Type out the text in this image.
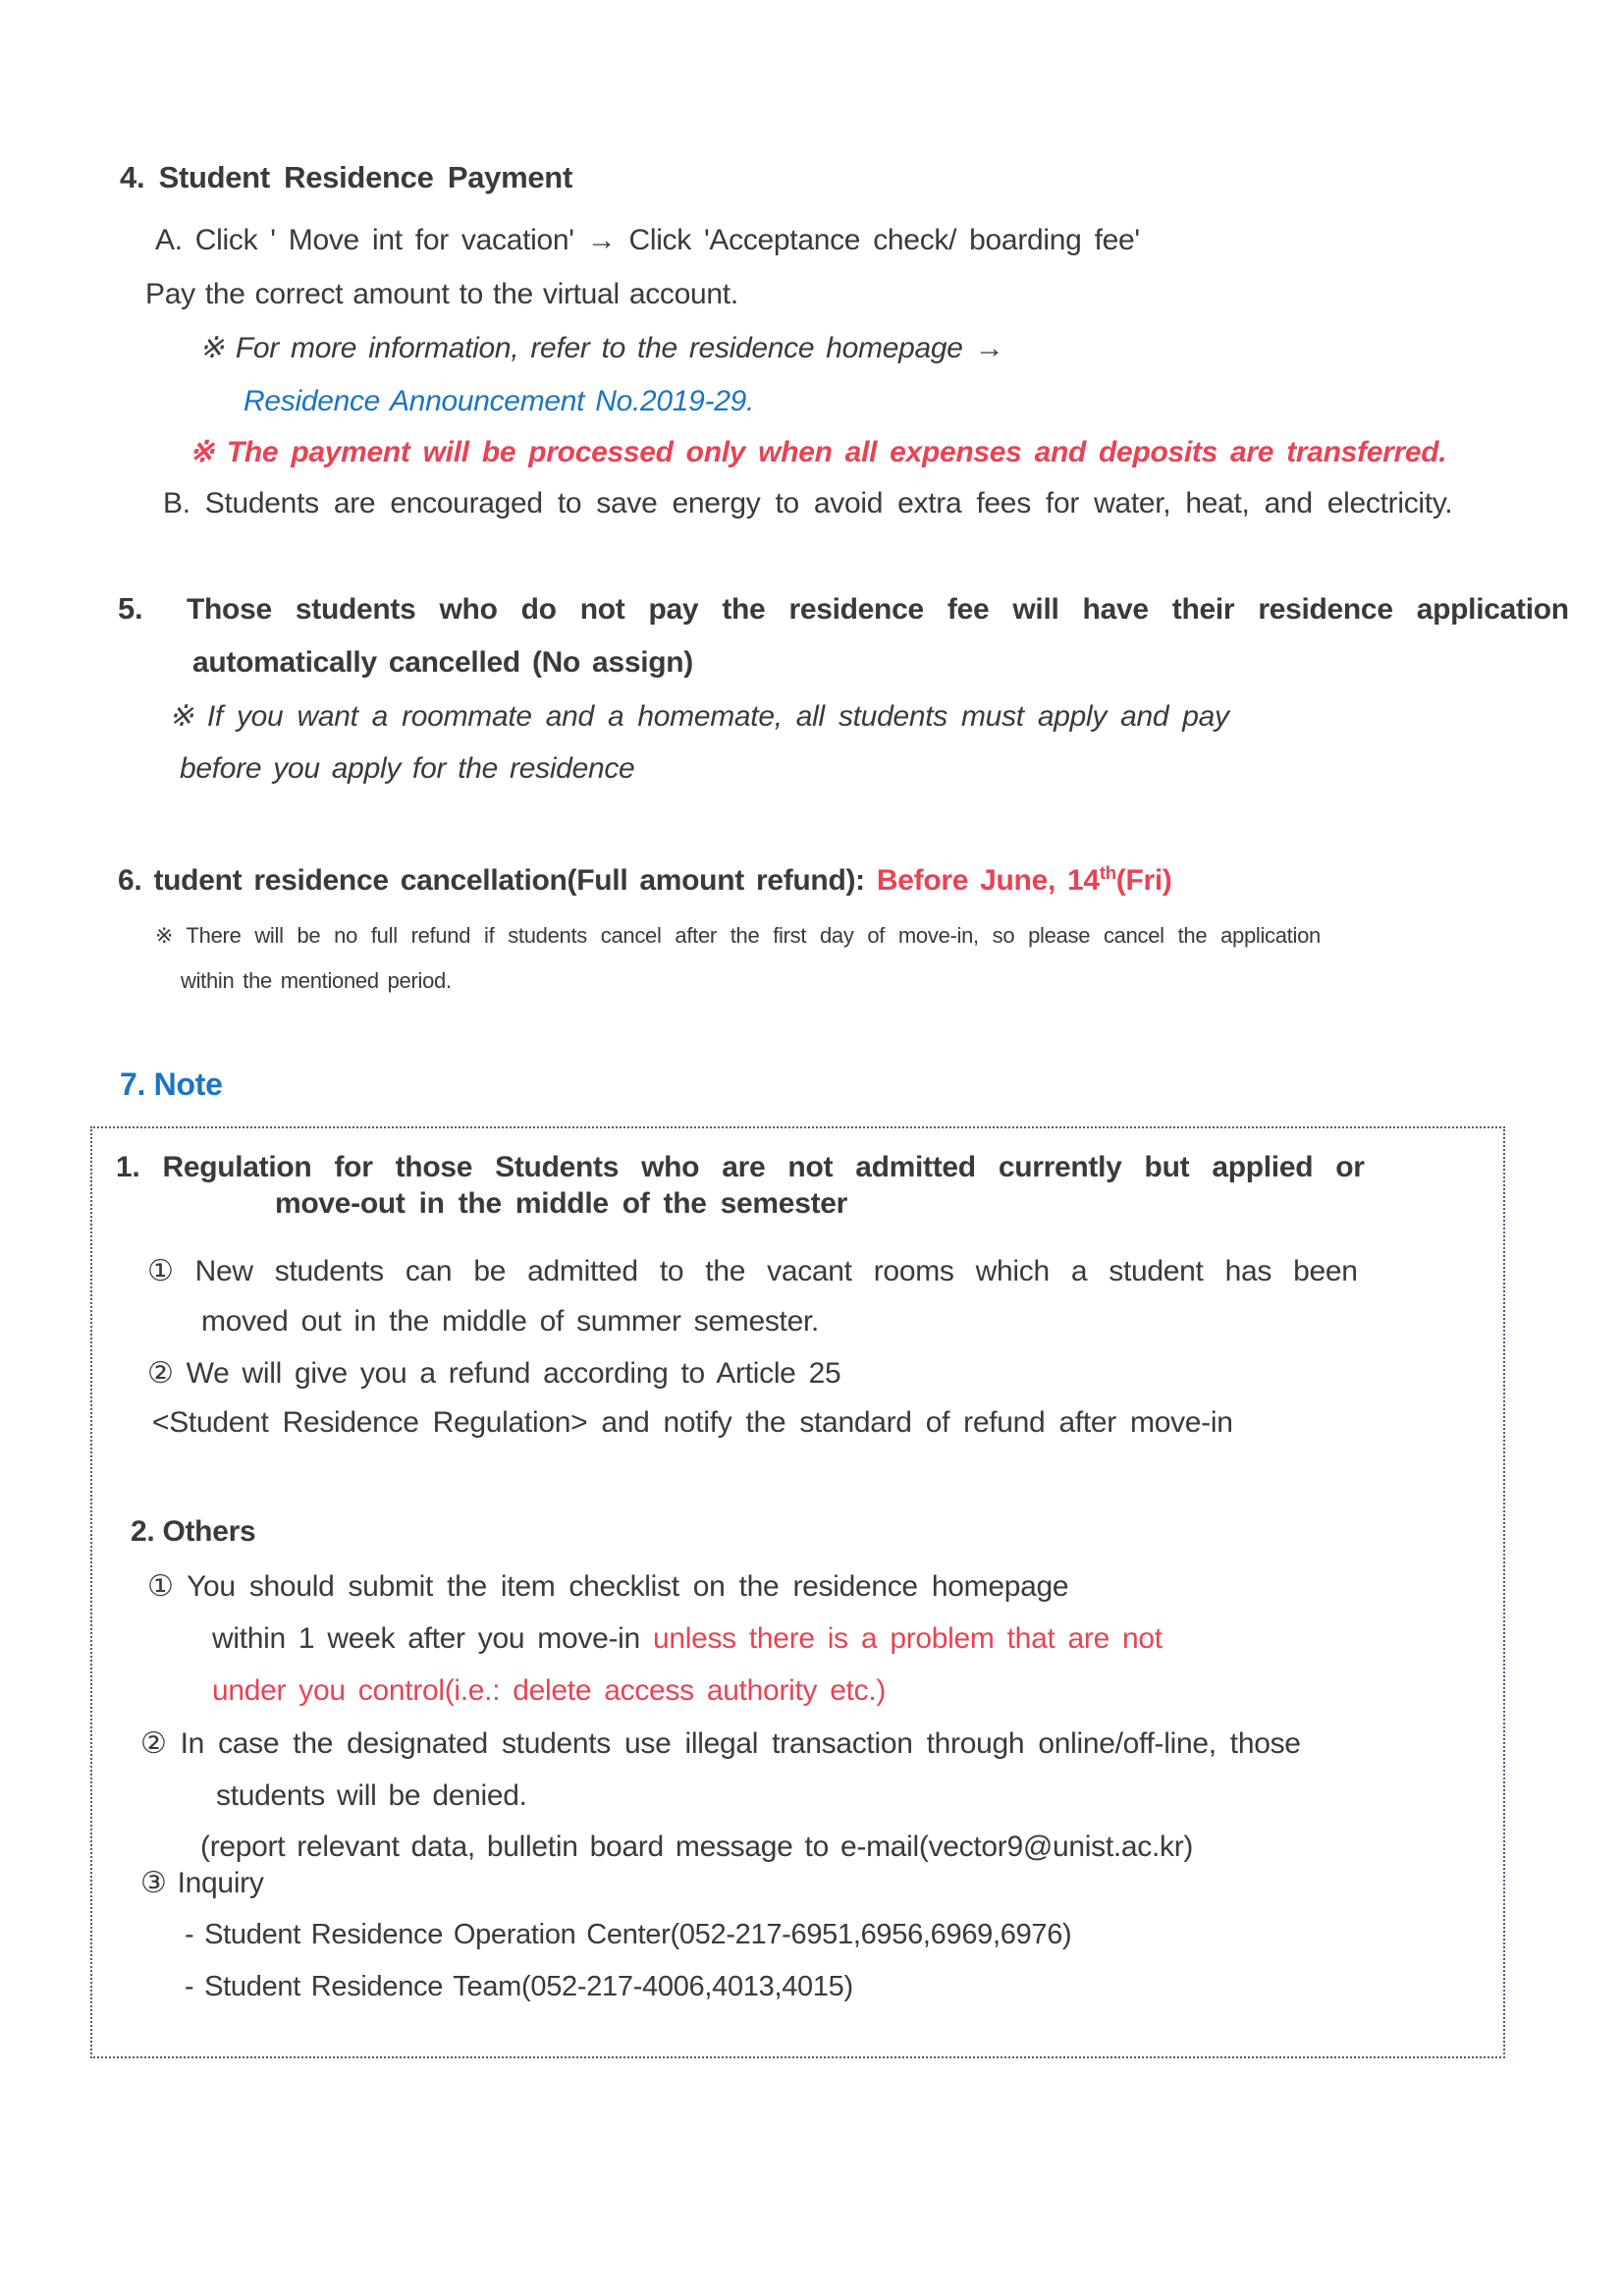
4. Student Residence Payment
A. Click ' Move int for vacation' → Click 'Acceptance check/ boarding fee'
Pay the correct amount to the virtual account.
※ For more information, refer to the residence homepage →
Residence Announcement No.2019-29.
※ The payment will be processed only when all expenses and deposits are transferred.
B. Students are encouraged to save energy to avoid extra fees for water, heat, and electricity.
5. Those students who do not pay the residence fee will have their residence application
automatically cancelled (No assign)
※ If you want a roommate and a homemate, all students must apply and pay
before you apply for the residence
6. tudent residence cancellation(Full amount refund): Before June, 14th(Fri)
※ There will be no full refund if students cancel after the first day of move-in, so please cancel the application
within the mentioned period.
7. Note
1. Regulation for those Students who are not admitted currently but applied or
move-out in the middle of the semester
① New students can be admitted to the vacant rooms which a student has been
moved out in the middle of summer semester.
② We will give you a refund according to Article 25
<Student Residence Regulation> and notify the standard of refund after move-in
2. Others
① You should submit the item checklist on the residence homepage
within 1 week after you move-in unless there is a problem that are not
under you control(i.e.: delete access authority etc.)
② In case the designated students use illegal transaction through online/off-line, those
students will be denied.
(report relevant data, bulletin board message to e-mail(vector9@unist.ac.kr)
③ Inquiry
- Student Residence Operation Center(052-217-6951,6956,6969,6976)
- Student Residence Team(052-217-4006,4013,4015)
